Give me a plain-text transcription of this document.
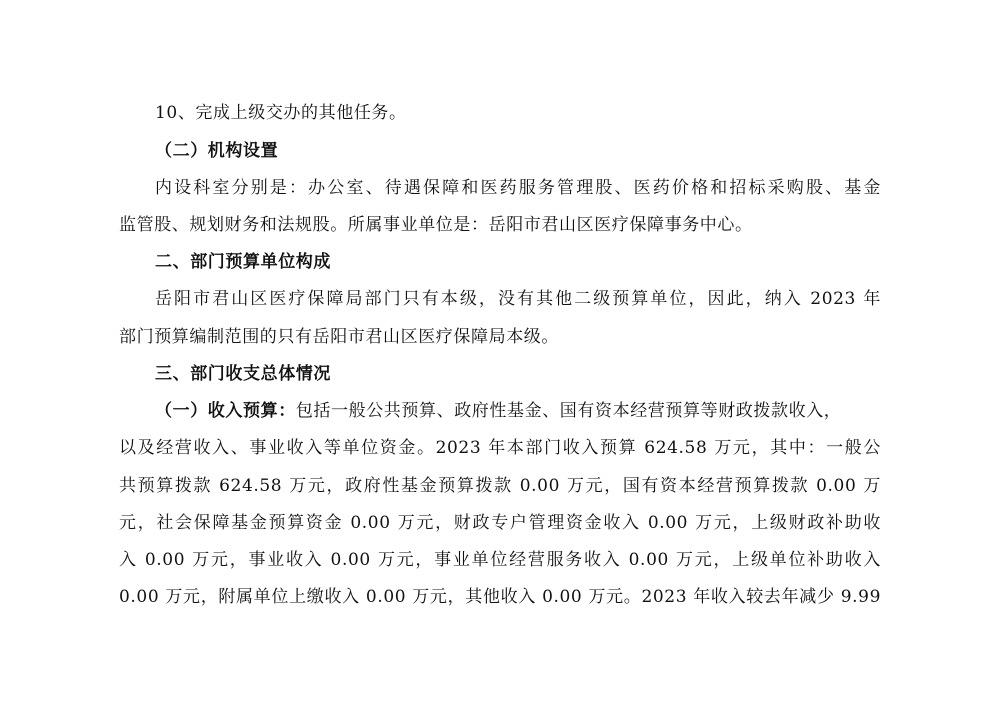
10、完成上级交办的其他任务。
（二）机构设置
内设科室分别是：办公室、待遇保障和医药服务管理股、医药价格和招标采购股、基金
监管股、规划财务和法规股。所属事业单位是：岳阳市君山区医疗保障事务中心。
二、部门预算单位构成
岳阳市君山区医疗保障局部门只有本级，没有其他二级预算单位，因此，纳入 2023 年
部门预算编制范围的只有岳阳市君山区医疗保障局本级。
三、部门收支总体情况
（一）收入预算：包括一般公共预算、政府性基金、国有资本经营预算等财政拨款收入，
以及经营收入、事业收入等单位资金。2023 年本部门收入预算 624.58 万元，其中：一般公
共预算拨款 624.58 万元，政府性基金预算拨款 0.00 万元，国有资本经营预算拨款 0.00 万
元，社会保障基金预算资金 0.00 万元，财政专户管理资金收入 0.00 万元，上级财政补助收
入 0.00 万元，事业收入 0.00 万元，事业单位经营服务收入 0.00 万元，上级单位补助收入
0.00 万元，附属单位上缴收入 0.00 万元，其他收入 0.00 万元。2023 年收入较去年减少 9.99
